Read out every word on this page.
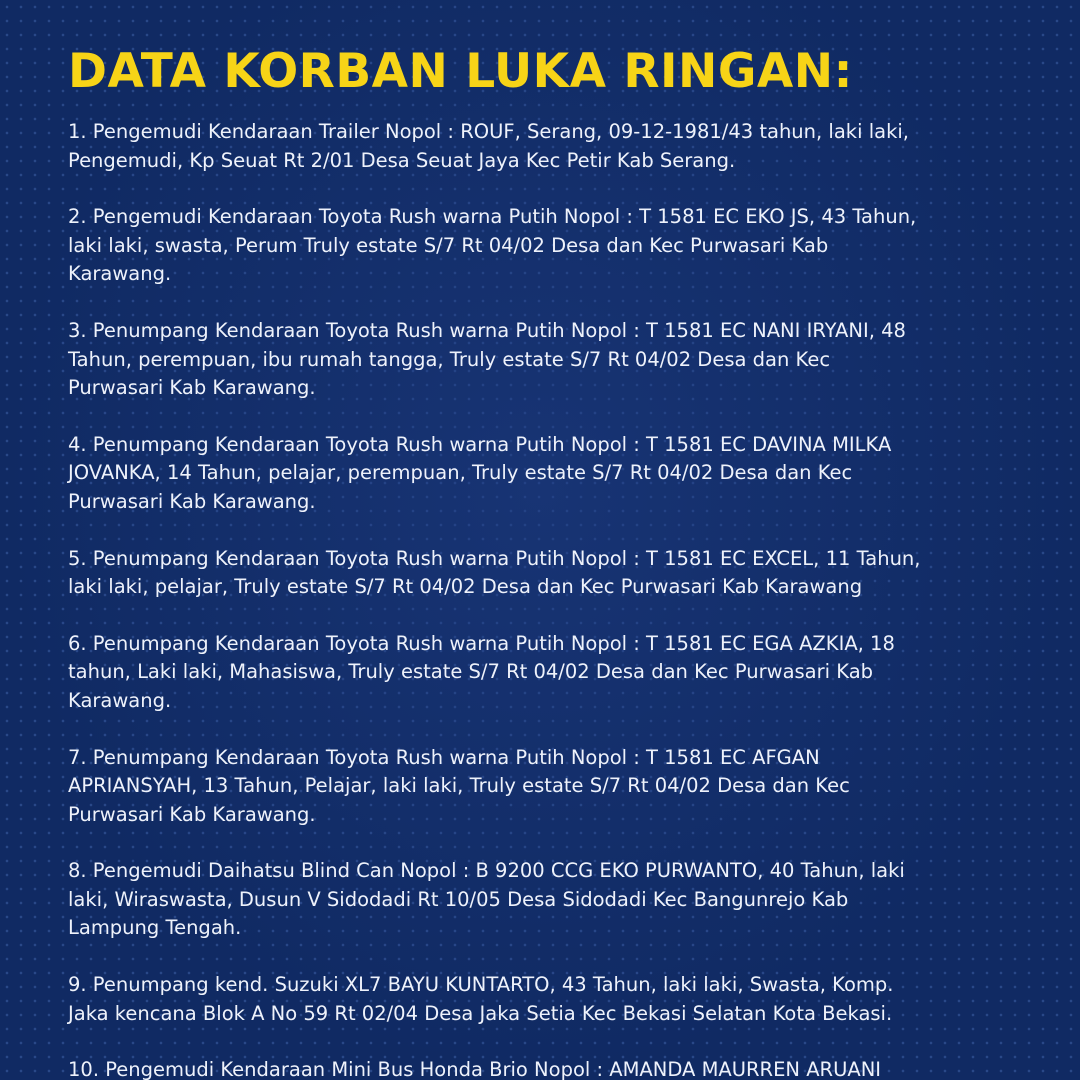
DATA KORBAN LUKA RINGAN:
1. Pengemudi Kendaraan Trailer Nopol : ROUF, Serang, 09-12-1981/43 tahun, laki laki,
Pengemudi, Kp Seuat Rt 2/01 Desa Seuat Jaya Kec Petir Kab Serang.
2. Pengemudi Kendaraan Toyota Rush warna Putih Nopol : T 1581 EC EKO JS, 43 Tahun,
laki laki, swasta, Perum Truly estate S/7 Rt 04/02 Desa dan Kec Purwasari Kab
Karawang.
3. Penumpang Kendaraan Toyota Rush warna Putih Nopol : T 1581 EC NANI IRYANI, 48
Tahun, perempuan, ibu rumah tangga, Truly estate S/7 Rt 04/02 Desa dan Kec
Purwasari Kab Karawang.
4. Penumpang Kendaraan Toyota Rush warna Putih Nopol : T 1581 EC DAVINA MILKA
JOVANKA, 14 Tahun, pelajar, perempuan, Truly estate S/7 Rt 04/02 Desa dan Kec
Purwasari Kab Karawang.
5. Penumpang Kendaraan Toyota Rush warna Putih Nopol : T 1581 EC EXCEL, 11 Tahun,
laki laki, pelajar, Truly estate S/7 Rt 04/02 Desa dan Kec Purwasari Kab Karawang
6. Penumpang Kendaraan Toyota Rush warna Putih Nopol : T 1581 EC EGA AZKIA, 18
tahun, Laki laki, Mahasiswa, Truly estate S/7 Rt 04/02 Desa dan Kec Purwasari Kab
Karawang.
7. Penumpang Kendaraan Toyota Rush warna Putih Nopol : T 1581 EC AFGAN
APRIANSYAH, 13 Tahun, Pelajar, laki laki, Truly estate S/7 Rt 04/02 Desa dan Kec
Purwasari Kab Karawang.
8. Pengemudi Daihatsu Blind Can Nopol : B 9200 CCG EKO PURWANTO, 40 Tahun, laki
laki, Wiraswasta, Dusun V Sidodadi Rt 10/05 Desa Sidodadi Kec Bangunrejo Kab
Lampung Tengah.
9. Penumpang kend. Suzuki XL7 BAYU KUNTARTO, 43 Tahun, laki laki, Swasta, Komp.
Jaka kencana Blok A No 59 Rt 02/04 Desa Jaka Setia Kec Bekasi Selatan Kota Bekasi.
10. Pengemudi Kendaraan Mini Bus Honda Brio Nopol : AMANDA MAURREN ARUANI
